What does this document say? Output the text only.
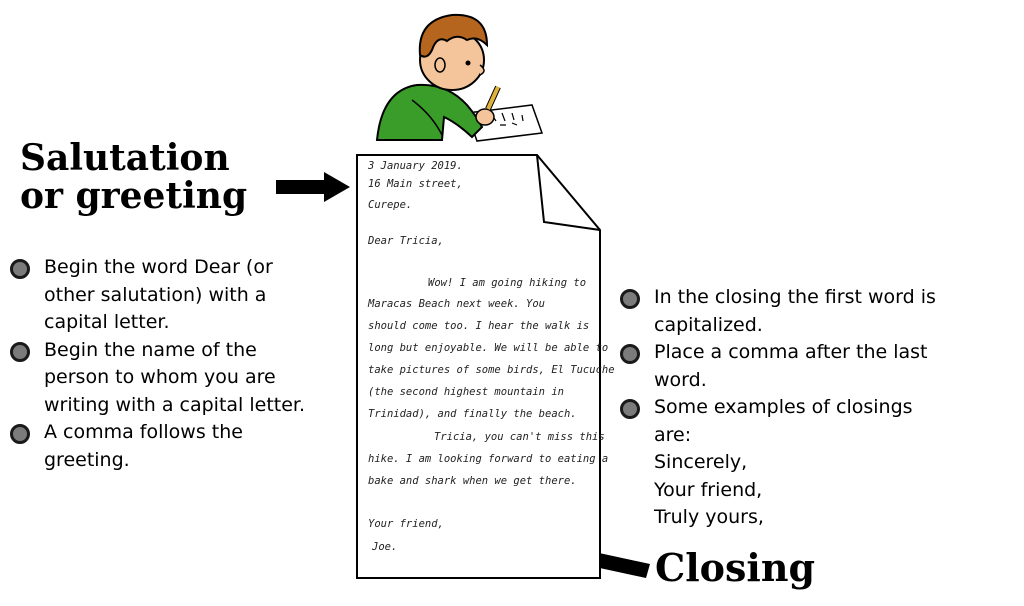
Salutation or greeting
Closing
3 January 2019.
16 Main street,
Curepe.
Dear Tricia,
Wow! I am going hiking to
Maracas Beach next week. You
should come too. I hear the walk is
long but enjoyable. We will be able to
take pictures of some birds, El Tucuche
(the second highest mountain in
Trinidad), and finally the beach.
Tricia, you can't miss this
hike. I am looking forward to eating a
bake and shark when we get there.
Your friend,
Joe.
Begin the word Dear (or other salutation) with a capital letter.
Begin the name of the person to whom you are writing with a capital letter.
A comma follows the greeting.
In the closing the first word is capitalized.
Place a comma after the last word.
Some examples of closings are:
Sincerely,
Your friend,
Truly yours,
